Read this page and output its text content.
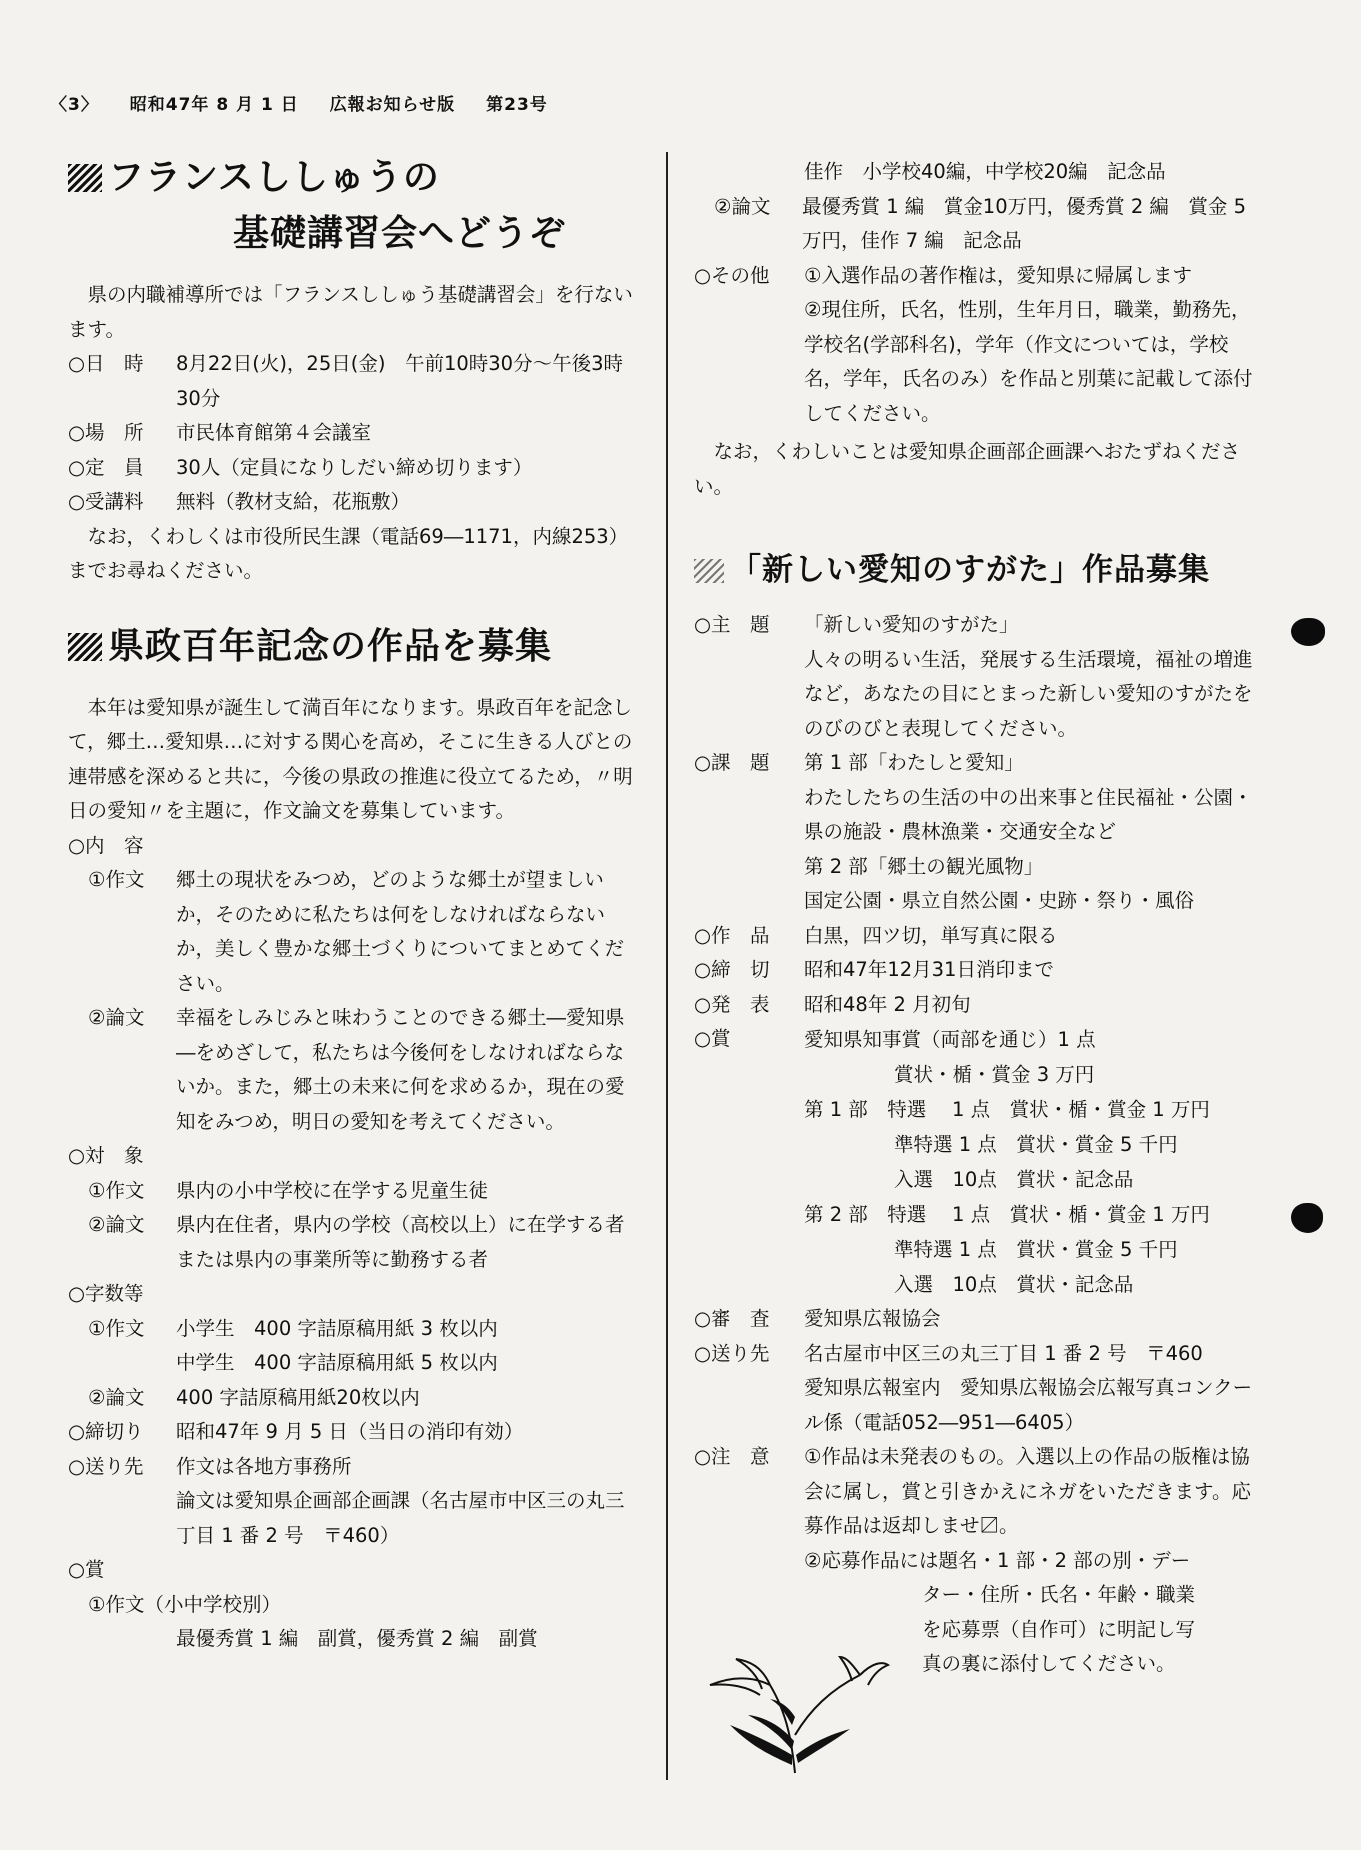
〈3〉 昭和47年 8 月 1 日 広報お知らせ版 第23号
フランスししゅうの
基礎講習会へどうぞ

県の内職補導所では「フランスししゅう基礎講習会」を行ないます。

○日　時	8月22日(火)，25日(金)　午前10時30分～午後3時30分
○場　所	市民体育館第４会議室
○定　員	30人（定員になりしだい締め切ります）
○受講料	無料（教材支給，花瓶敷）

なお，くわしくは市役所民生課（電話69―1171，内線253）までお尋ねください。

県政百年記念の作品を募集

本年は愛知県が誕生して満百年になります。県政百年を記念して，郷土…愛知県…に対する関心を高め，そこに生きる人びとの連帯感を深めると共に，今後の県政の推進に役立てるため，〃明日の愛知〃を主題に，作文論文を募集しています。

○内　容
①作文	郷土の現状をみつめ，どのような郷土が望ましいか，そのために私たちは何をしなければならないか，美しく豊かな郷土づくりについてまとめてください。
②論文	幸福をしみじみと味わうことのできる郷土―愛知県―をめざして，私たちは今後何をしなければならないか。また，郷土の未来に何を求めるか，現在の愛知をみつめ，明日の愛知を考えてください。
○対　象
①作文	県内の小中学校に在学する児童生徒
②論文	県内在住者，県内の学校（高校以上）に在学する者または県内の事業所等に勤務する者
○字数等
①作文	小学生　400 字詰原稿用紙 3 枚以内
中学生　400 字詰原稿用紙 5 枚以内
②論文	400 字詰原稿用紙20枚以内
○締切り	昭和47年 9 月 5 日（当日の消印有効）
○送り先	作文は各地方事務所
論文は愛知県企画部企画課（名古屋市中区三の丸三丁目 1 番 2 号　〒460）
○賞
①作文（小中学校別）
最優秀賞 1 編　副賞，優秀賞 2 編　副賞
佳作　小学校40編，中学校20編　記念品
②論文	最優秀賞 1 編　賞金10万円，優秀賞 2 編　賞金 5 万円，佳作 7 編　記念品
○その他	①入選作品の著作権は，愛知県に帰属します
②現住所，氏名，性別，生年月日，職業，勤務先，学校名(学部科名)，学年（作文については，学校名，学年，氏名のみ）を作品と別葉に記載して添付してください。

なお，くわしいことは愛知県企画部企画課へおたずねください。

「新しい愛知のすがた」作品募集
○主　題	「新しい愛知のすがた」
人々の明るい生活，発展する生活環境，福祉の増進など，あなたの目にとまった新しい愛知のすがたをのびのびと表現してください。
○課　題	第 1 部「わたしと愛知」
わたしたちの生活の中の出来事と住民福祉・公園・県の施設・農林漁業・交通安全など
第 2 部「郷土の観光風物」
国定公園・県立自然公園・史跡・祭り・風俗
○作　品	白黒，四ツ切，単写真に限る
○締　切	昭和47年12月31日消印まで
○発　表	昭和48年 2 月初旬
○賞	愛知県知事賞（両部を通じ）1 点
賞状・楯・賞金 3 万円
第 1 部　特選　 1 点　賞状・楯・賞金 1 万円
準特選 1 点　賞状・賞金 5 千円
入選　10点　賞状・記念品
第 2 部　特選　 1 点　賞状・楯・賞金 1 万円
準特選 1 点　賞状・賞金 5 千円
入選　10点　賞状・記念品
○審　査	愛知県広報協会
○送り先	名古屋市中区三の丸三丁目 1 番 2 号　〒460
愛知県広報室内　愛知県広報協会広報写真コンクール係（電話052―951―6405）
○注　意	①作品は未発表のもの。入選以上の作品の版権は協会に属し，賞と引きかえにネガをいただきます。応募作品は返却しませ〼。
②応募作品には題名・1 部・2 部の別・デー
ター・住所・氏名・年齢・職業
を応募票（自作可）に明記し写
真の裏に添付してください。
